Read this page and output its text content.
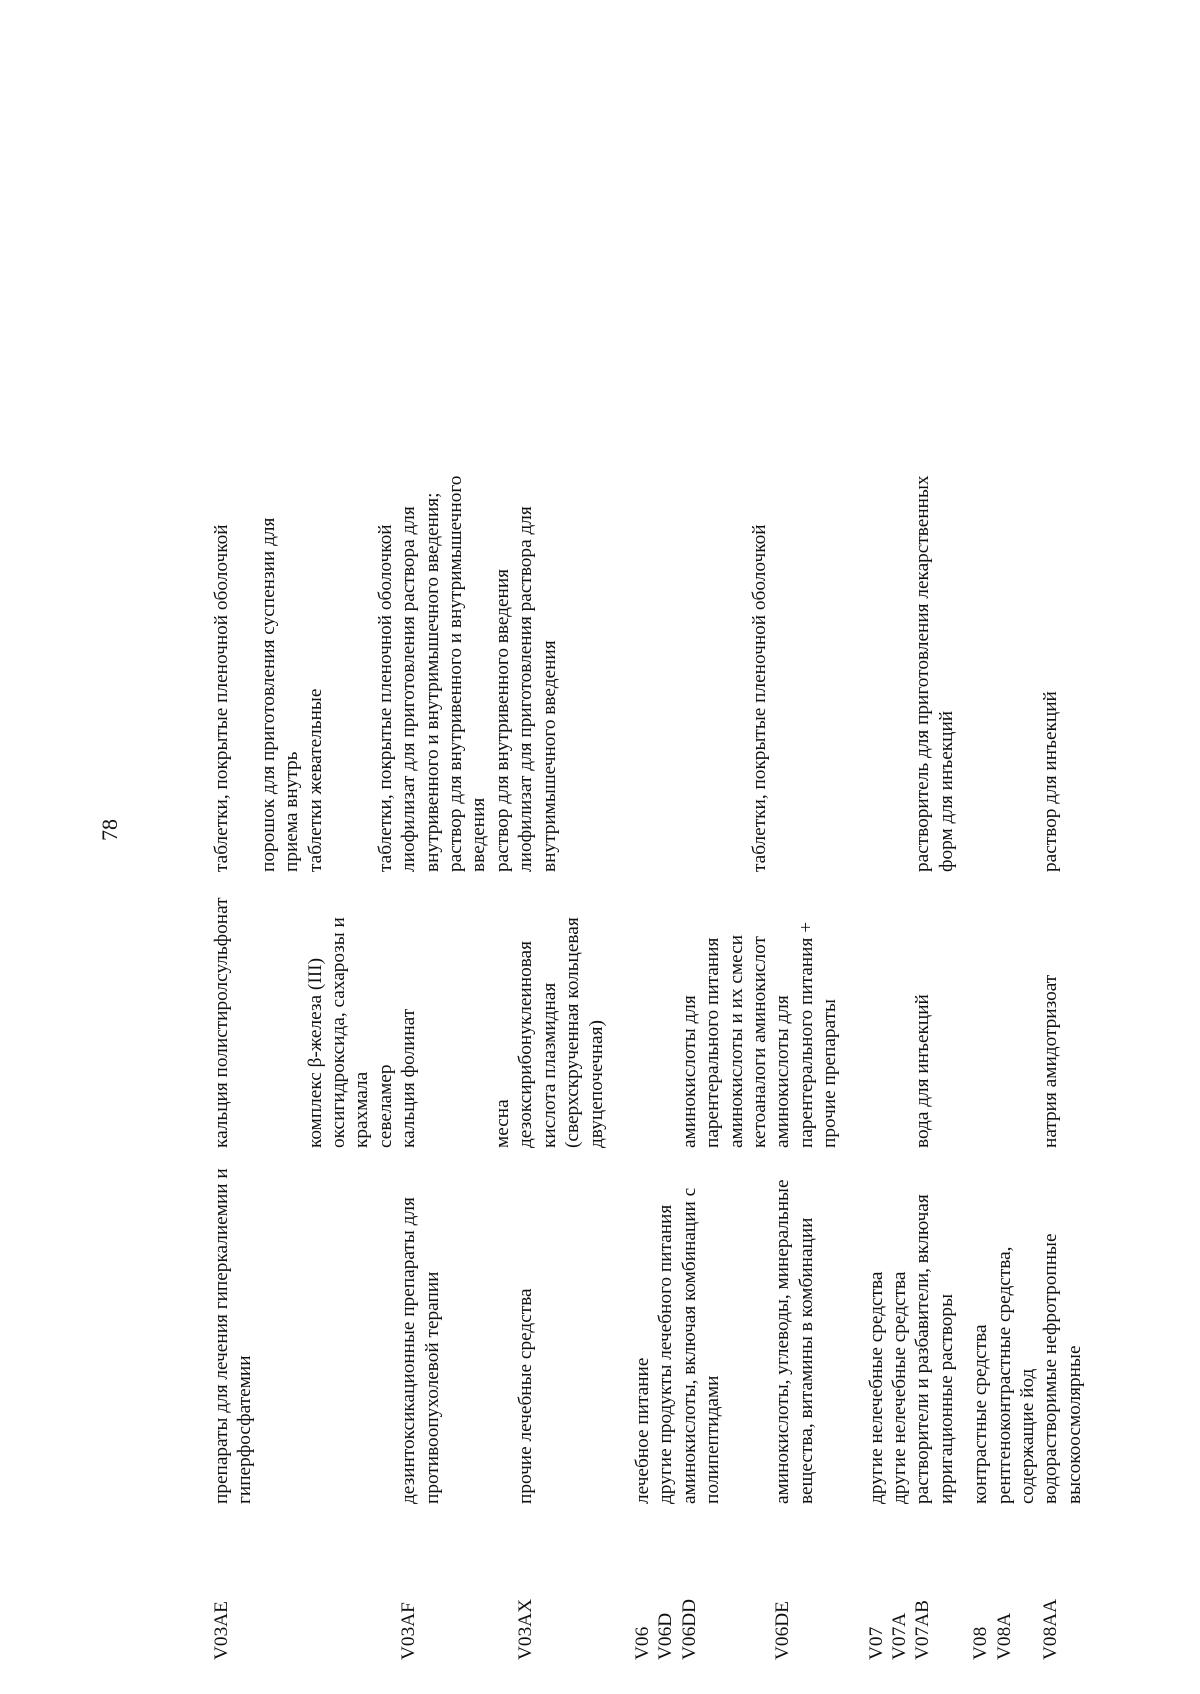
78
V03AE
препараты для лечения гиперкалиемии и гиперфосфатемии
кальция полистиролсульфонат
таблетки, покрытые пленочной оболочкой порошок для приготовления суспензии для приема внутрь
комплекс β-железа (III) оксигидроксида, сахарозы и крахмала
таблетки жевательные
севеламер
таблетки, покрытые пленочной оболочкой
V03AF
дезинтоксикационные препараты для противоопухолевой терапии
кальция фолинат
лиофилизат для приготовления раствора для внутривенного и внутримышечного введения; раствор для внутривенного и внутримышечного введения
месна
раствор для внутривенного введения
V03AX
прочие лечебные средства
дезоксирибонуклеиновая кислота плазмидная (сверхскрученная кольцевая двуцепочечная)
лиофилизат для приготовления раствора для внутримышечного введения
V06
лечебное питание
V06D
другие продукты лечебного питания
V06DD
аминокислоты, включая комбинации с полипептидами
аминокислоты для парентерального питания аминокислоты и их смеси кетоаналоги аминокислот
таблетки, покрытые пленочной оболочкой
V06DE
аминокислоты, углеводы, минеральные вещества, витамины в комбинации
аминокислоты для парентерального питания + прочие препараты
V07
другие нелечебные средства
V07A
другие нелечебные средства
V07AB
растворители и разбавители, включая ирригационные растворы
вода для инъекций
растворитель для приготовления лекарственных форм для инъекций
V08
контрастные средства
V08A
рентгеноконтрастные средства, содержащие йод
V08AA
водорастворимые нефротропные высокоосмолярные
натрия амидотризоат
раствор для инъекций
